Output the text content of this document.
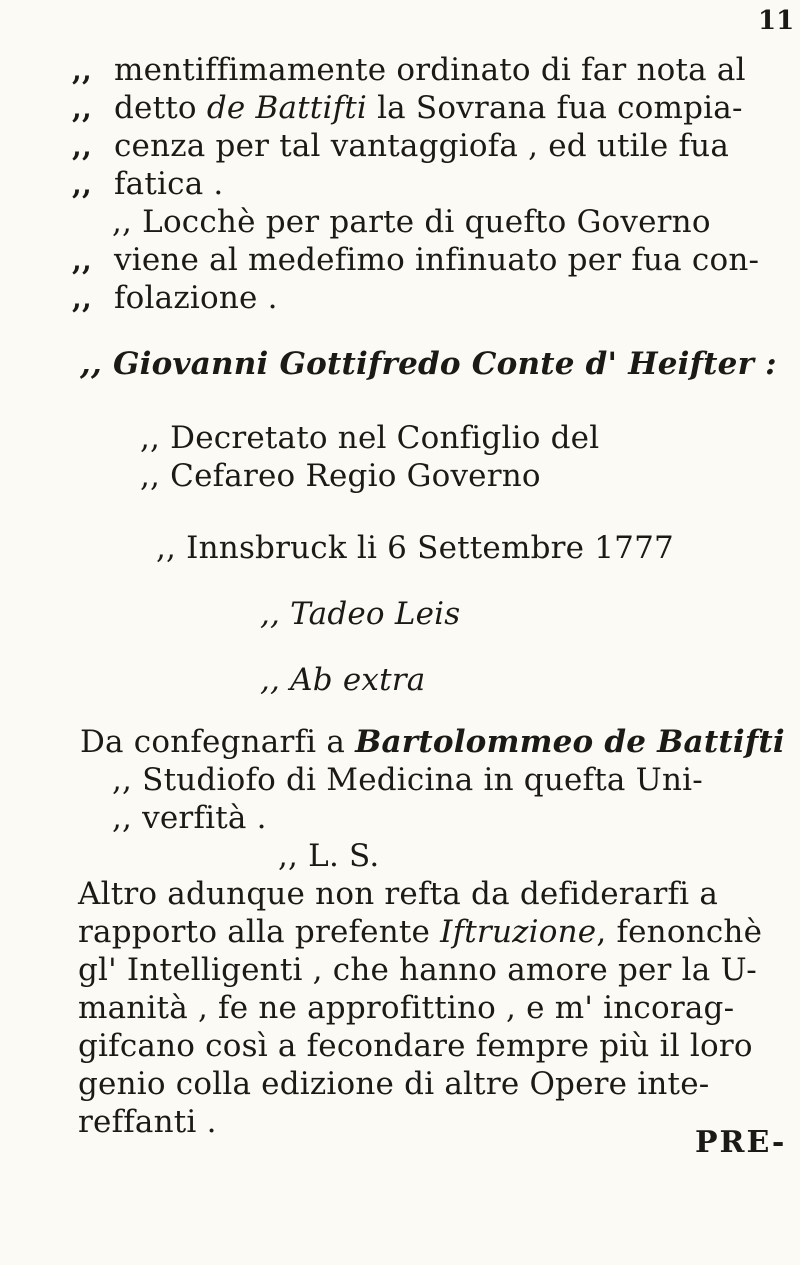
11
,, mentiffimamente ordinato di far nota al
,, detto de Battifti la Sovrana fua compia-
,, cenza per tal vantaggiofa , ed utile fua
,, fatica .
,, Locchè per parte di quefto Governo
,, viene al medefimo infinuato per fua con-
,, folazione .
,, Giovanni Gottifredo Conte d' Heifter :
,, Decretato nel Configlio del
,, Cefareo Regio Governo
,, Innsbruck li 6 Settembre 1777
,, Tadeo Leis
,, Ab extra
Da confegnarfi a Bartolommeo de Battifti
,, Studiofo di Medicina in quefta Uni-
,, verfità .
,, L. S.
Altro adunque non refta da defiderarfi a
rapporto alla prefente Iftruzione, fenonchè
gl' Intelligenti , che hanno amore per la U-
manità , fe ne approfittino , e m' incorag-
gifcano così a fecondare fempre più il loro
genio colla edizione di altre Opere inte-
reffanti .
PRE-
